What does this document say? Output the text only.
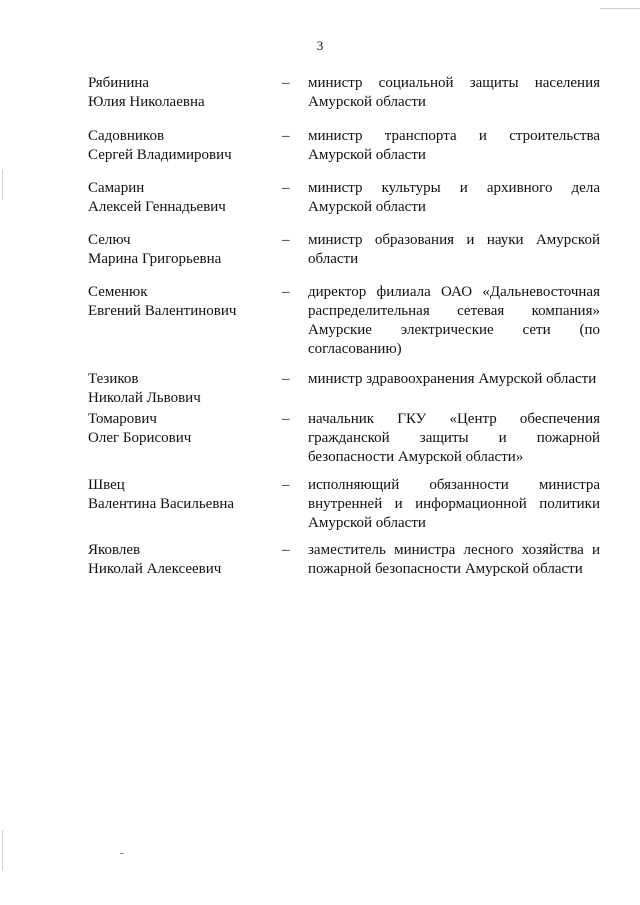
3
Рябинина
Юлия Николаевна
– министр социальной защиты населения Амурской области
Садовников
Сергей Владимирович
– министр транспорта и строительства Амурской области
Самарин
Алексей Геннадьевич
– министр культуры и архивного дела Амурской области
Селюч
Марина Григорьевна
– министр образования и науки Амурской области
Семенюк
Евгений Валентинович
– директор филиала ОАО «Дальневосточная распределительная сетевая компания» Амурские электрические сети (по согласованию)
Тезиков
Николай Львович
– министр здравоохранения Амурской области
Томарович
Олег Борисович
– начальник ГКУ «Центр обеспечения гражданской защиты и пожарной безопасности Амурской области»
Швец
Валентина Васильевна
– исполняющий обязанности министра внутренней и информационной политики Амурской области
Яковлев
Николай Алексеевич
– заместитель министра лесного хозяйства и пожарной безопасности Амурской области
